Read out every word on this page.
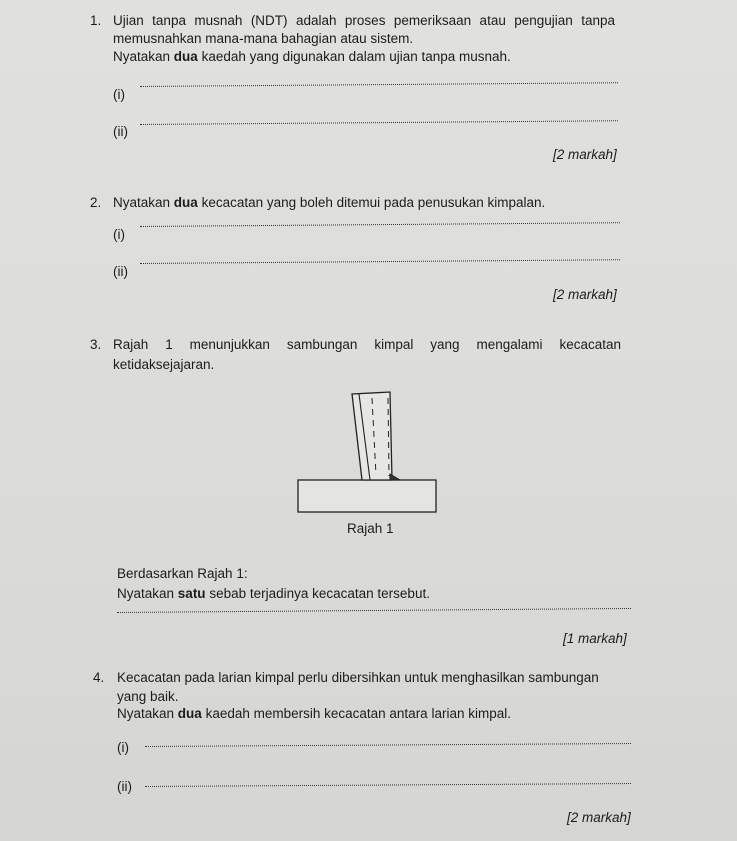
1. Ujian tanpa musnah (NDT) adalah proses pemeriksaan atau pengujian tanpa
memusnahkan mana-mana bahagian atau sistem.
Nyatakan dua kaedah yang digunakan dalam ujian tanpa musnah.
(i)
(ii)
[2 markah]
2. Nyatakan dua kecacatan yang boleh ditemui pada penusukan kimpalan.
(i)
(ii)
[2 markah]
3. Rajah 1 menunjukkan sambungan kimpal yang mengalami kecacatan
ketidaksejajaran.
Rajah 1
Berdasarkan Rajah 1:
Nyatakan satu sebab terjadinya kecacatan tersebut.
[1 markah]
4. Kecacatan pada larian kimpal perlu dibersihkan untuk menghasilkan sambungan
yang baik.
Nyatakan dua kaedah membersih kecacatan antara larian kimpal.
(i)
(ii)
[2 markah]
